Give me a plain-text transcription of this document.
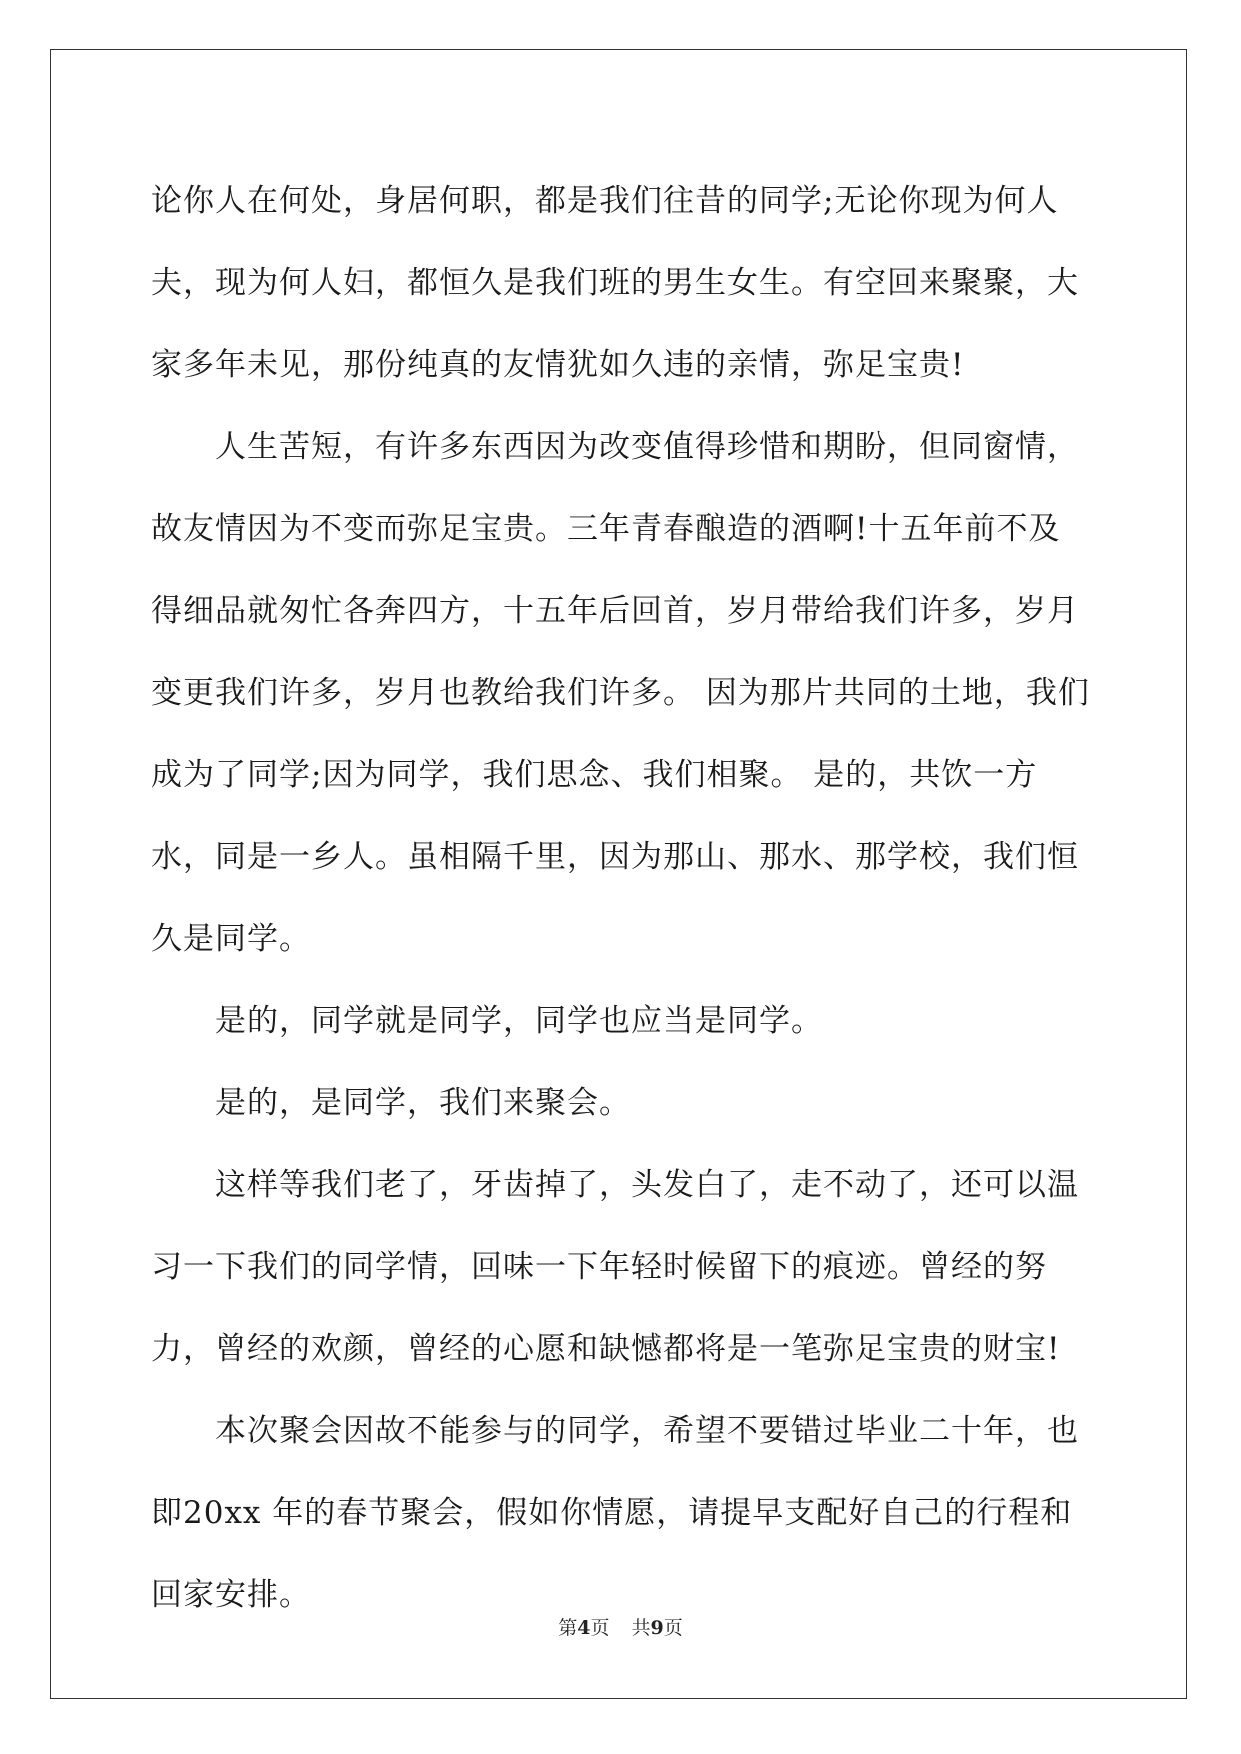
论你人在何处，身居何职，都是我们往昔的同学;无论你现为何人夫，现为何人妇，都恒久是我们班的男生女生。有空回来聚聚，大家多年未见，那份纯真的友情犹如久违的亲情，弥足宝贵!

人生苦短，有许多东西因为改变值得珍惜和期盼，但同窗情，故友情因为不变而弥足宝贵。三年青春酿造的酒啊!十五年前不及得细品就匆忙各奔四方，十五年后回首，岁月带给我们许多，岁月变更我们许多，岁月也教给我们许多。 因为那片共同的土地，我们成为了同学;因为同学，我们思念、我们相聚。 是的，共饮一方水，同是一乡人。虽相隔千里，因为那山、那水、那学校，我们恒久是同学。

是的，同学就是同学，同学也应当是同学。

是的，是同学，我们来聚会。

这样等我们老了，牙齿掉了，头发白了，走不动了，还可以温习一下我们的同学情，回味一下年轻时候留下的痕迹。曾经的努力，曾经的欢颜，曾经的心愿和缺憾都将是一笔弥足宝贵的财宝!

本次聚会因故不能参与的同学，希望不要错过毕业二十年，也即20xx 年的春节聚会，假如你情愿，请提早支配好自己的行程和回家安排。

第4页 共9页
